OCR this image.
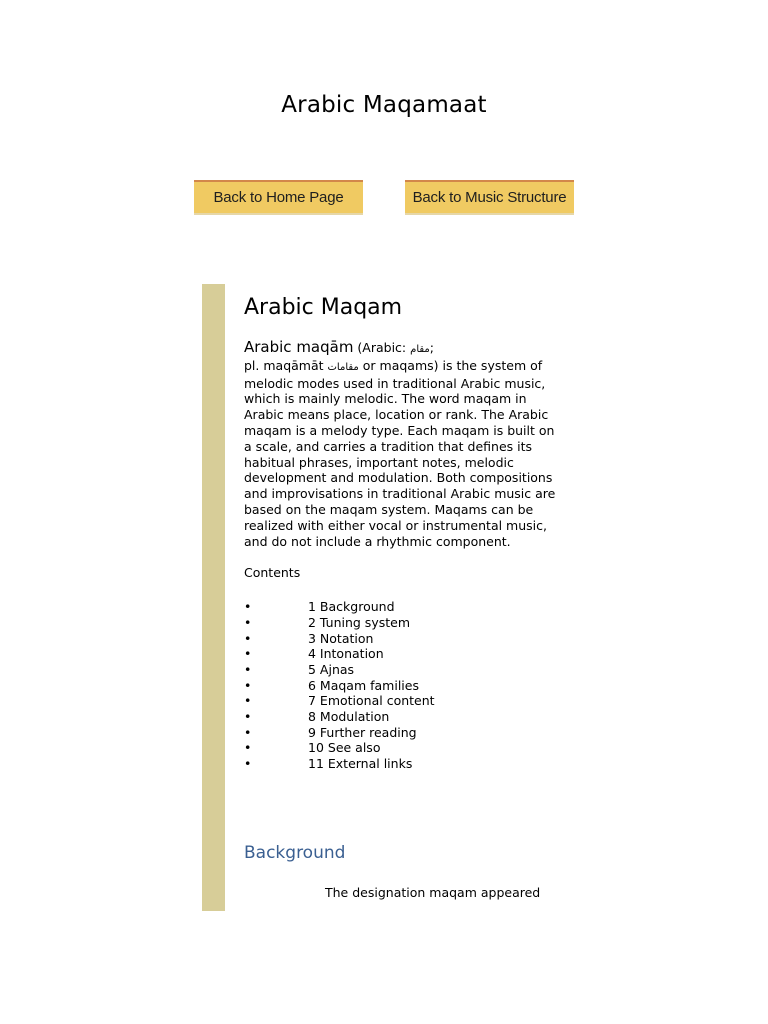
Arabic Maqamaat
Back to Home Page	Back to Music Structure
Arabic Maqam

Arabic maqām (Arabic: مقام;
pl. maqāmāt مقامات or maqams) is the system of melodic modes used in traditional Arabic music, which is mainly melodic. The word maqam in Arabic means place, location or rank. The Arabic maqam is a melody type. Each maqam is built on a scale, and carries a tradition that defines its habitual phrases, important notes, melodic development and modulation. Both compositions and improvisations in traditional Arabic music are based on the maqam system. Maqams can be realized with either vocal or instrumental music, and do not include a rhythmic component.

Contents

•	1 Background
•	2 Tuning system
•	3 Notation
•	4 Intonation
•	5 Ajnas
•	6 Maqam families
•	7 Emotional content
•	8 Modulation
•	9 Further reading
•	10 See also
•	11 External links
Background

The designation maqam appeared
